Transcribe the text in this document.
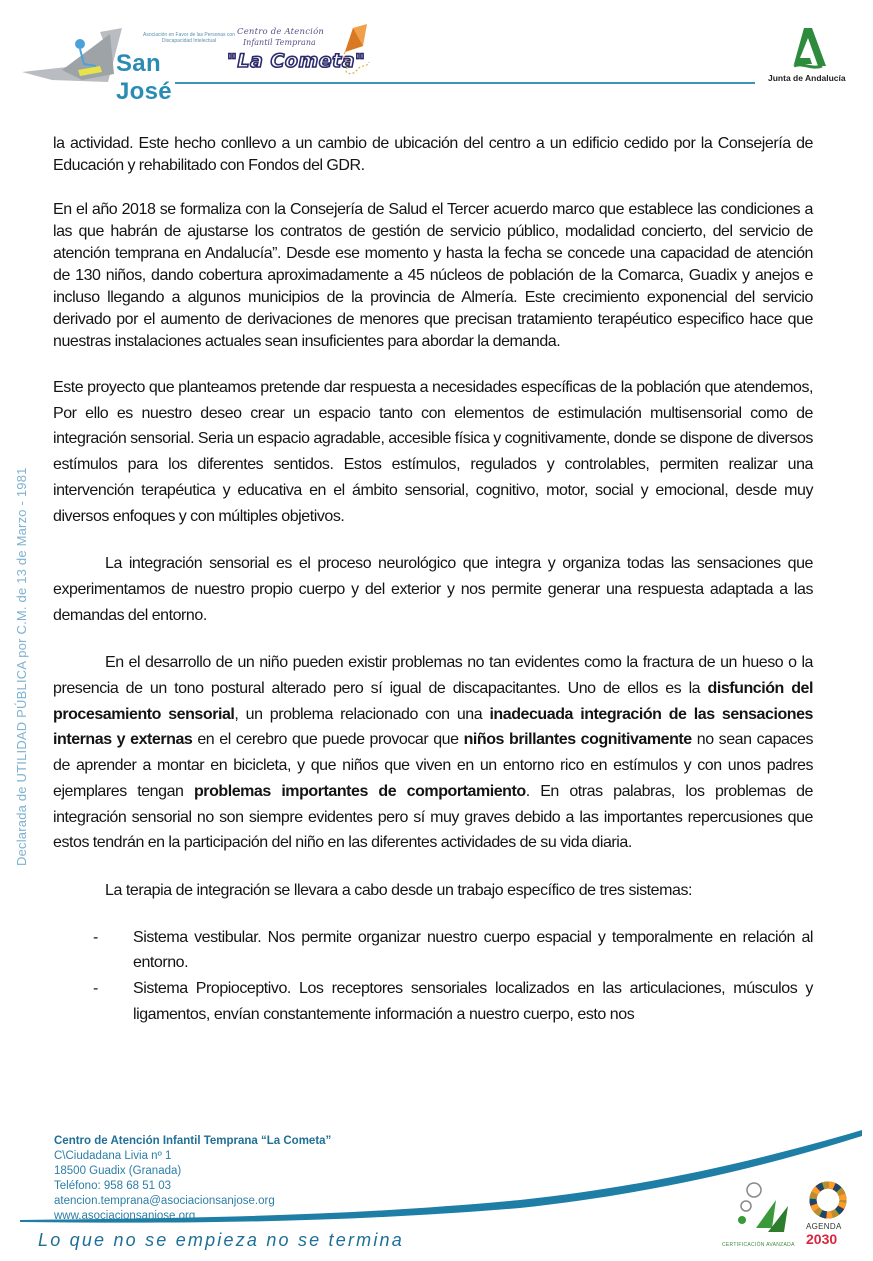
Asociación en Favor de las Personas con Discapacidad Intelectual
San José
Centro de Atención
Infantil Temprana
"La Cometa"
Junta de Andalucía
Declarada de UTILIDAD PÚBLICA por C.M. de 13 de Marzo - 1981

la actividad. Este hecho conllevo a un cambio de ubicación del centro a un edificio cedido por la Consejería de Educación y rehabilitado con Fondos del GDR.

En el año 2018 se formaliza con la Consejería de Salud el Tercer acuerdo marco que establece las condiciones a las que habrán de ajustarse los contratos de gestión de servicio público, modalidad concierto, del servicio de atención temprana en Andalucía”. Desde ese momento y hasta la fecha se concede una capacidad de atención de 130 niños, dando cobertura aproximadamente a 45 núcleos de población de la Comarca, Guadix y anejos e incluso llegando a algunos municipios de la provincia de Almería. Este crecimiento exponencial del servicio derivado por el aumento de derivaciones de menores que precisan tratamiento terapéutico especifico hace que nuestras instalaciones actuales sean insuficientes para abordar la demanda.

Este proyecto que planteamos pretende dar respuesta a necesidades específicas de la población que atendemos, Por ello es nuestro deseo crear un espacio tanto con elementos de estimulación multisensorial como de integración sensorial. Seria un espacio agradable, accesible física y cognitivamente, donde se dispone de diversos estímulos para los diferentes sentidos. Estos estímulos, regulados y controlables, permiten realizar una intervención terapéutica y educativa en el ámbito sensorial, cognitivo, motor, social y emocional, desde muy diversos enfoques y con múltiples objetivos.

La integración sensorial es el proceso neurológico que integra y organiza todas las sensaciones que experimentamos de nuestro propio cuerpo y del exterior y nos permite generar una respuesta adaptada a las demandas del entorno.

En el desarrollo de un niño pueden existir problemas no tan evidentes como la fractura de un hueso o la presencia de un tono postural alterado pero sí igual de discapacitantes. Uno de ellos es la disfunción del procesamiento sensorial, un problema relacionado con una inadecuada integración de las sensaciones internas y externas en el cerebro que puede provocar que niños brillantes cognitivamente no sean capaces de aprender a montar en bicicleta, y que niños que viven en un entorno rico en estímulos y con unos padres ejemplares tengan problemas importantes de comportamiento. En otras palabras, los problemas de integración sensorial no son siempre evidentes pero sí muy graves debido a las importantes repercusiones que estos tendrán en la participación del niño en las diferentes actividades de su vida diaria.

La terapia de integración se llevara a cabo desde un trabajo específico de tres sistemas:
- Sistema vestibular. Nos permite organizar nuestro cuerpo espacial y temporalmente en relación al entorno.
- Sistema Propioceptivo. Los receptores sensoriales localizados en las articulaciones, músculos y ligamentos, envían constantemente información a nuestro cuerpo, esto nos
Centro de Atención Infantil Temprana “La Cometa”
C\Ciudadana Livia nº 1
18500 Guadix (Granada)
Teléfono: 958 68 51 03
atencion.temprana@asociacionsanjose.org
www.asociacionsanjose.org
Lo que no se empieza no se termina	CERTIFICACIÓN AVANZADA
AGENDA
2030
